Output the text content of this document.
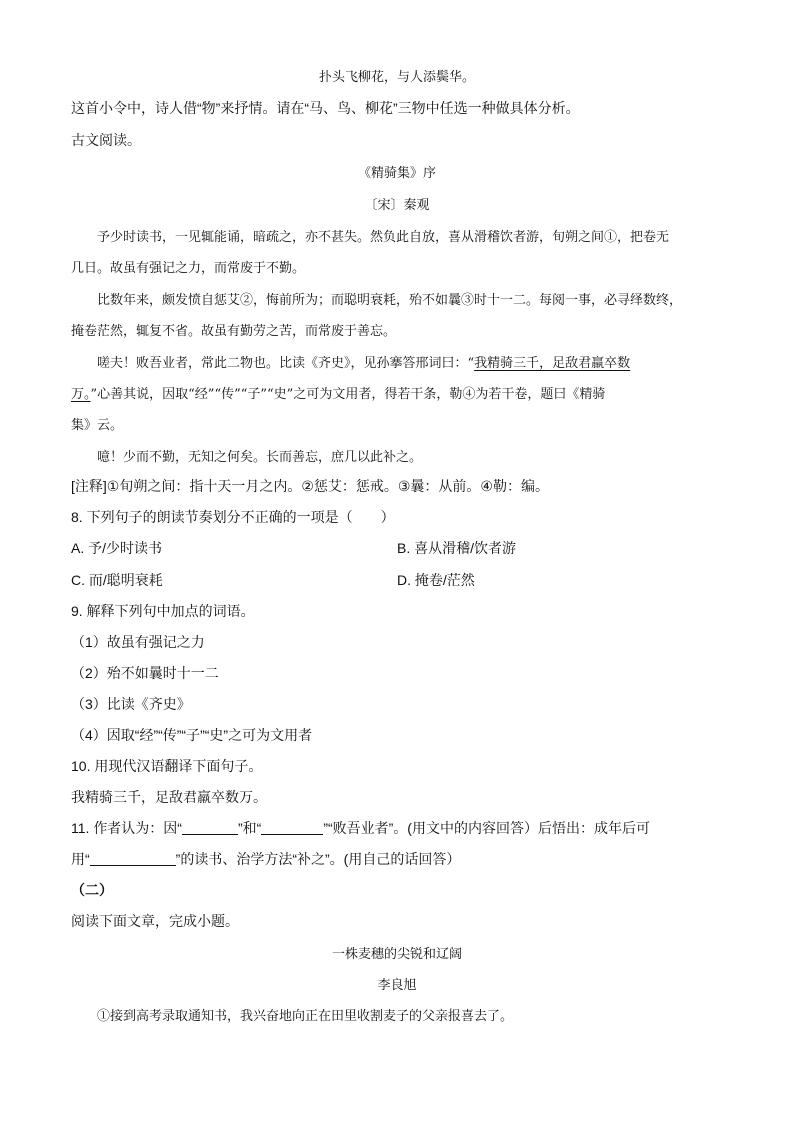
扑头飞柳花，与人添鬓华。
这首小令中，诗人借“物”来抒情。请在“马、鸟、柳花”三物中任选一种做具体分析。
古文阅读。
《精骑集》序
〔宋〕秦观
予少时读书，一见辄能诵，暗疏之，亦不甚失。然负此自放，喜从滑稽饮者游，旬朔之间①，把卷无
几日。故虽有强记之力，而常废于不勤。
比数年来，颇发愤自惩艾②，悔前所为；而聪明衰耗，殆不如曩③时十一二。每阅一事，必寻绎数终，
掩卷茫然，辄复不省。故虽有勤劳之苦，而常废于善忘。
嗟夫！败吾业者，常此二物也。比读《齐史》，见孙搴答邢词曰：“我精骑三千，足敌君羸卒数
万。”心善其说，因取“经”“传”“子”“史”之可为文用者，得若干条，勒④为若干卷，题曰《精骑
集》云。
噫！少而不勤，无知之何矣。长而善忘，庶几以此补之。
[注释]①旬朔之间：指十天一月之内。②惩艾：惩戒。③曩：从前。④勒：编。
8. 下列句子的朗读节奏划分不正确的一项是（　　）
A. 予/少时读书	B. 喜从滑稽/饮者游
C. 而/聪明衰耗	D. 掩卷/茫然
9. 解释下列句中加点的词语。
（1）故虽有强记之力
（2）殆不如曩时十一二
（3）比读《齐史》
（4）因取“经”“传”“子”“史”之可为文用者
10. 用现代汉语翻译下面句子。
我精骑三千，足敌君羸卒数万。
11. 作者认为：因“	”和“	”“败吾业者”。(用文中的内容回答）后悟出：成年后可
用“	”的读书、治学方法“补之”。(用自己的话回答）
（二）
阅读下面文章，完成小题。
一株麦穗的尖锐和辽阔
李良旭
①接到高考录取通知书，我兴奋地向正在田里收割麦子的父亲报喜去了。
